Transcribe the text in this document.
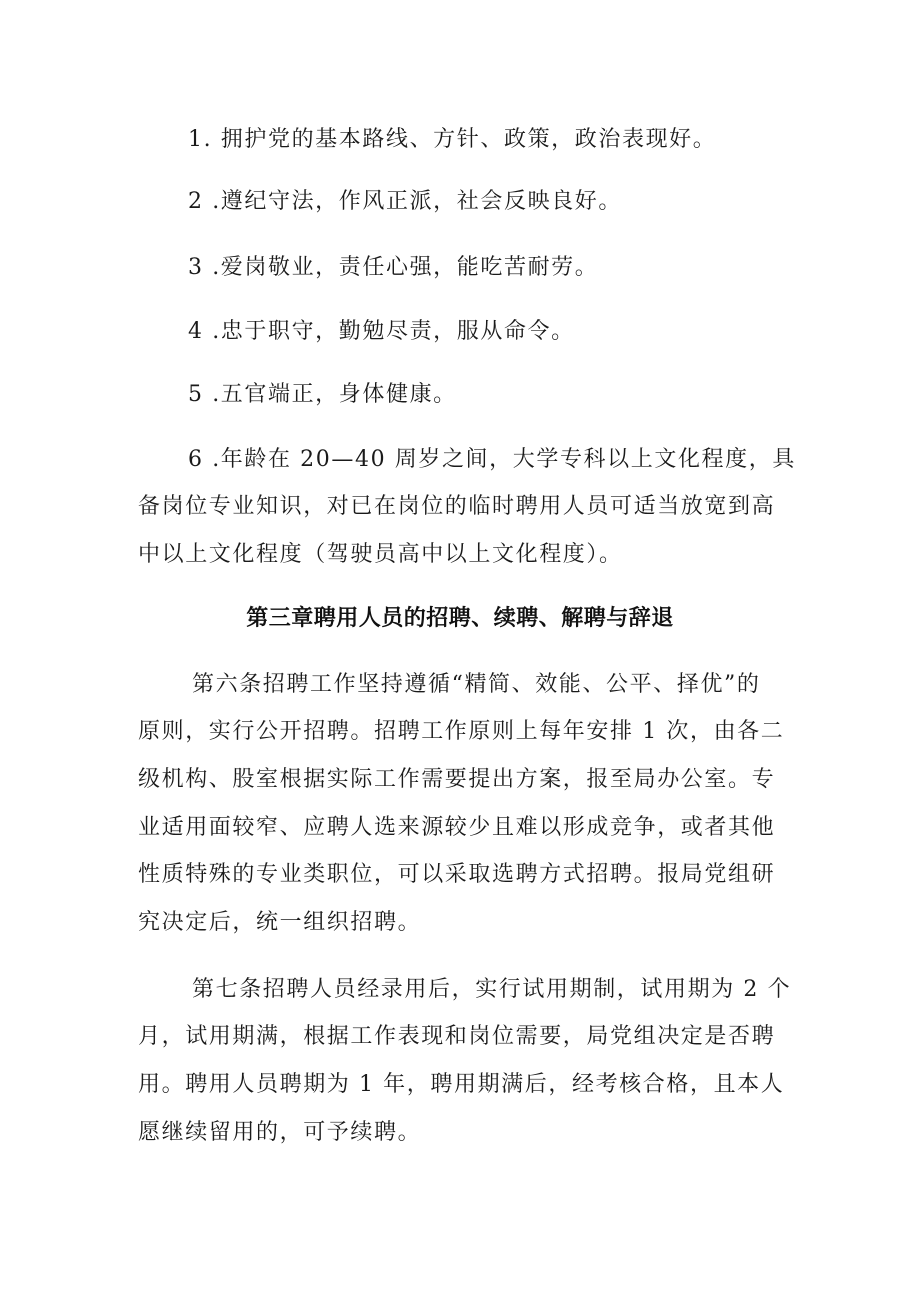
1. 拥护党的基本路线、方针、政策，政治表现好。
2 .遵纪守法，作风正派，社会反映良好。
3 .爱岗敬业，责任心强，能吃苦耐劳。
4 .忠于职守，勤勉尽责，服从命令。
5 .五官端正，身体健康。
6 .年龄在 20—40 周岁之间，大学专科以上文化程度，具
备岗位专业知识，对已在岗位的临时聘用人员可适当放宽到高
中以上文化程度（驾驶员高中以上文化程度）。
第三章聘用人员的招聘、续聘、解聘与辞退
第六条招聘工作坚持遵循“精简、效能、公平、择优”的
原则，实行公开招聘。招聘工作原则上每年安排 1 次，由各二
级机构、股室根据实际工作需要提出方案，报至局办公室。专
业适用面较窄、应聘人选来源较少且难以形成竞争，或者其他
性质特殊的专业类职位，可以采取选聘方式招聘。报局党组研
究决定后，统一组织招聘。
第七条招聘人员经录用后，实行试用期制，试用期为 2 个
月，试用期满，根据工作表现和岗位需要，局党组决定是否聘
用。聘用人员聘期为 1 年，聘用期满后，经考核合格，且本人
愿继续留用的，可予续聘。
